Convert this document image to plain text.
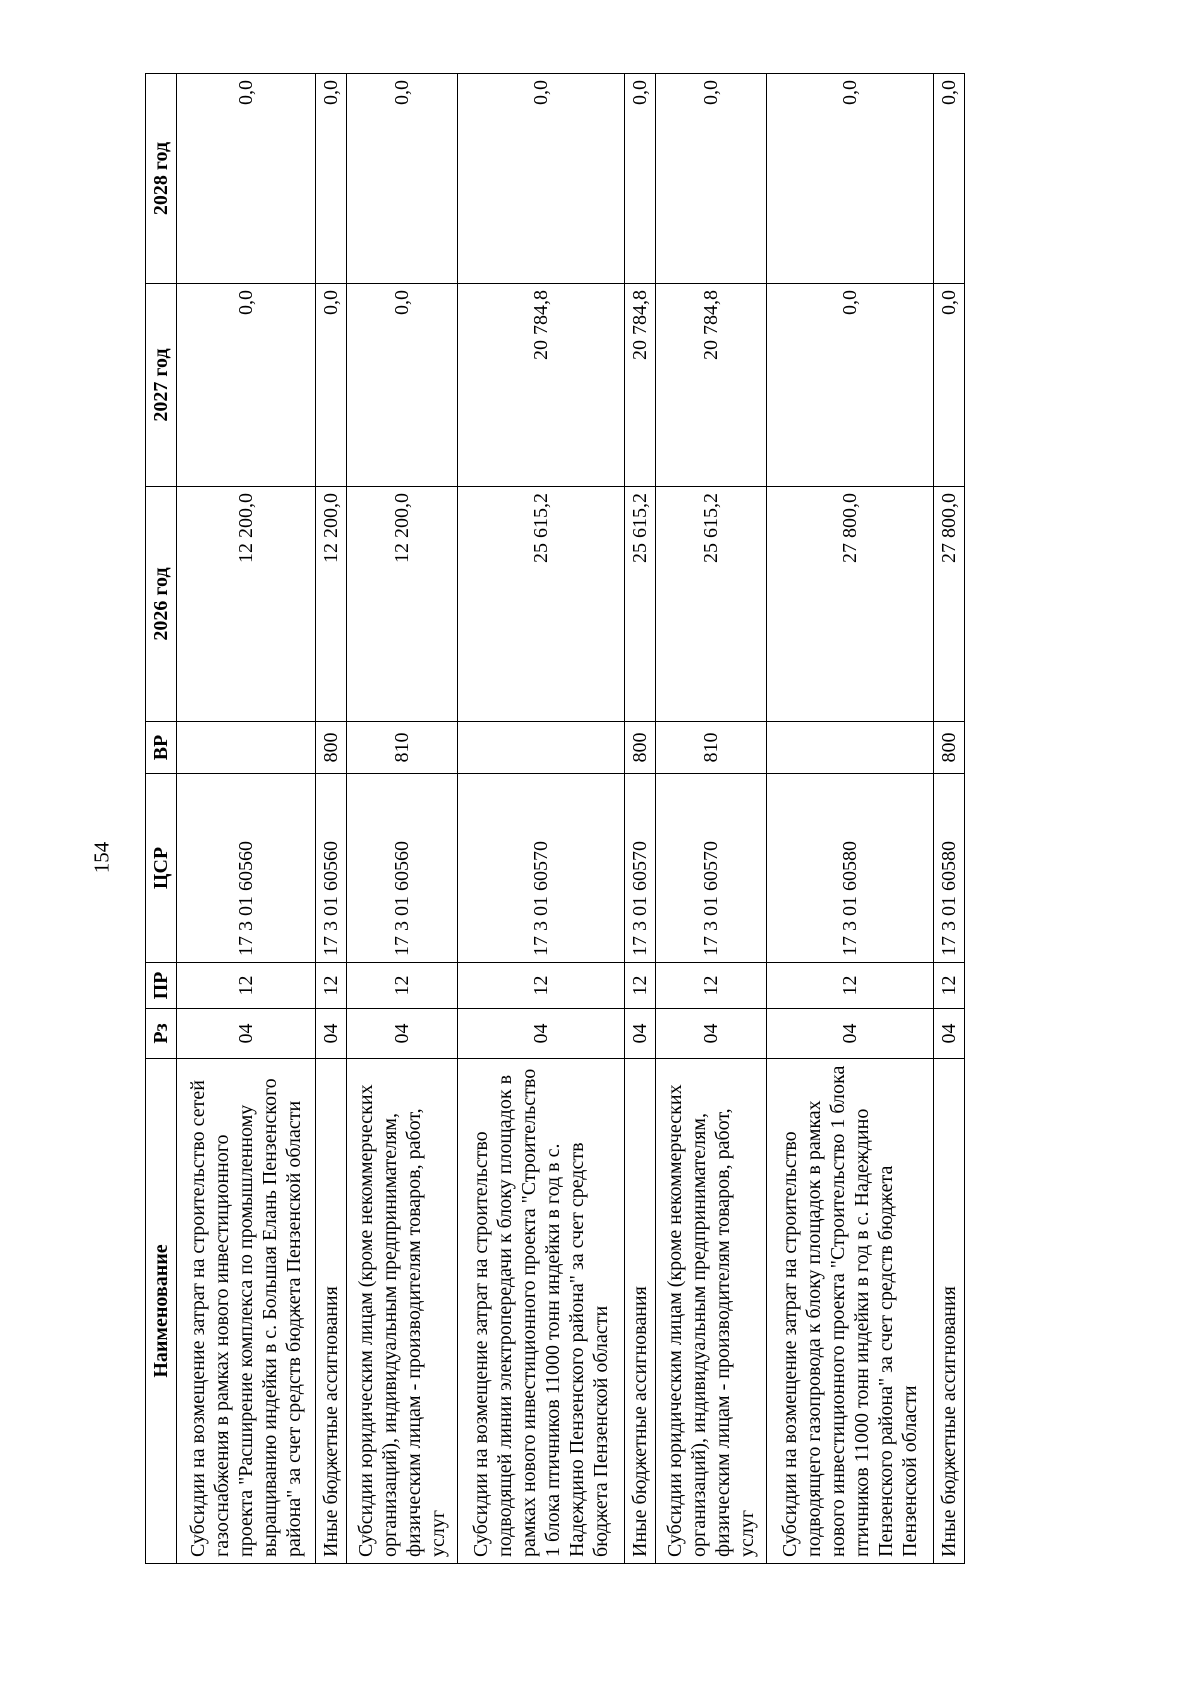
154
Наименование	Рз	ПР	ЦСР	ВР	2026 год	2027 год	2028 год
Субсидии на возмещение затрат на строительство сетей газоснабжения в рамках нового инвестиционного проекта "Расширение комплекса по промышленному выращиванию индейки в с. Большая Елань Пензенского района" за счет средств бюджета Пензенской области	04	12	17 3 01 60560		12 200,0	0,0	0,0
Иные бюджетные ассигнования	04	12	17 3 01 60560	800	12 200,0	0,0	0,0
Субсидии юридическим лицам (кроме некоммерческих организаций), индивидуальным предпринимателям, физическим лицам - производителям товаров, работ, услуг	04	12	17 3 01 60560	810	12 200,0	0,0	0,0
Субсидии на возмещение затрат на строительство подводящей линии электропередачи к блоку площадок в рамках нового инвестиционного проекта "Строительство 1 блока птичников 11000 тонн индейки в год в с. Надеждино Пензенского района" за счет средств бюджета Пензенской области	04	12	17 3 01 60570		25 615,2	20 784,8	0,0
Иные бюджетные ассигнования	04	12	17 3 01 60570	800	25 615,2	20 784,8	0,0
Субсидии юридическим лицам (кроме некоммерческих организаций), индивидуальным предпринимателям, физическим лицам - производителям товаров, работ, услуг	04	12	17 3 01 60570	810	25 615,2	20 784,8	0,0
Субсидии на возмещение затрат на строительство подводящего газопровода к блоку площадок в рамках нового инвестиционного проекта "Строительство 1 блока птичников 11000 тонн индейки в год в с. Надеждино Пензенского района" за счет средств бюджета Пензенской области	04	12	17 3 01 60580		27 800,0	0,0	0,0
Иные бюджетные ассигнования	04	12	17 3 01 60580	800	27 800,0	0,0	0,0
